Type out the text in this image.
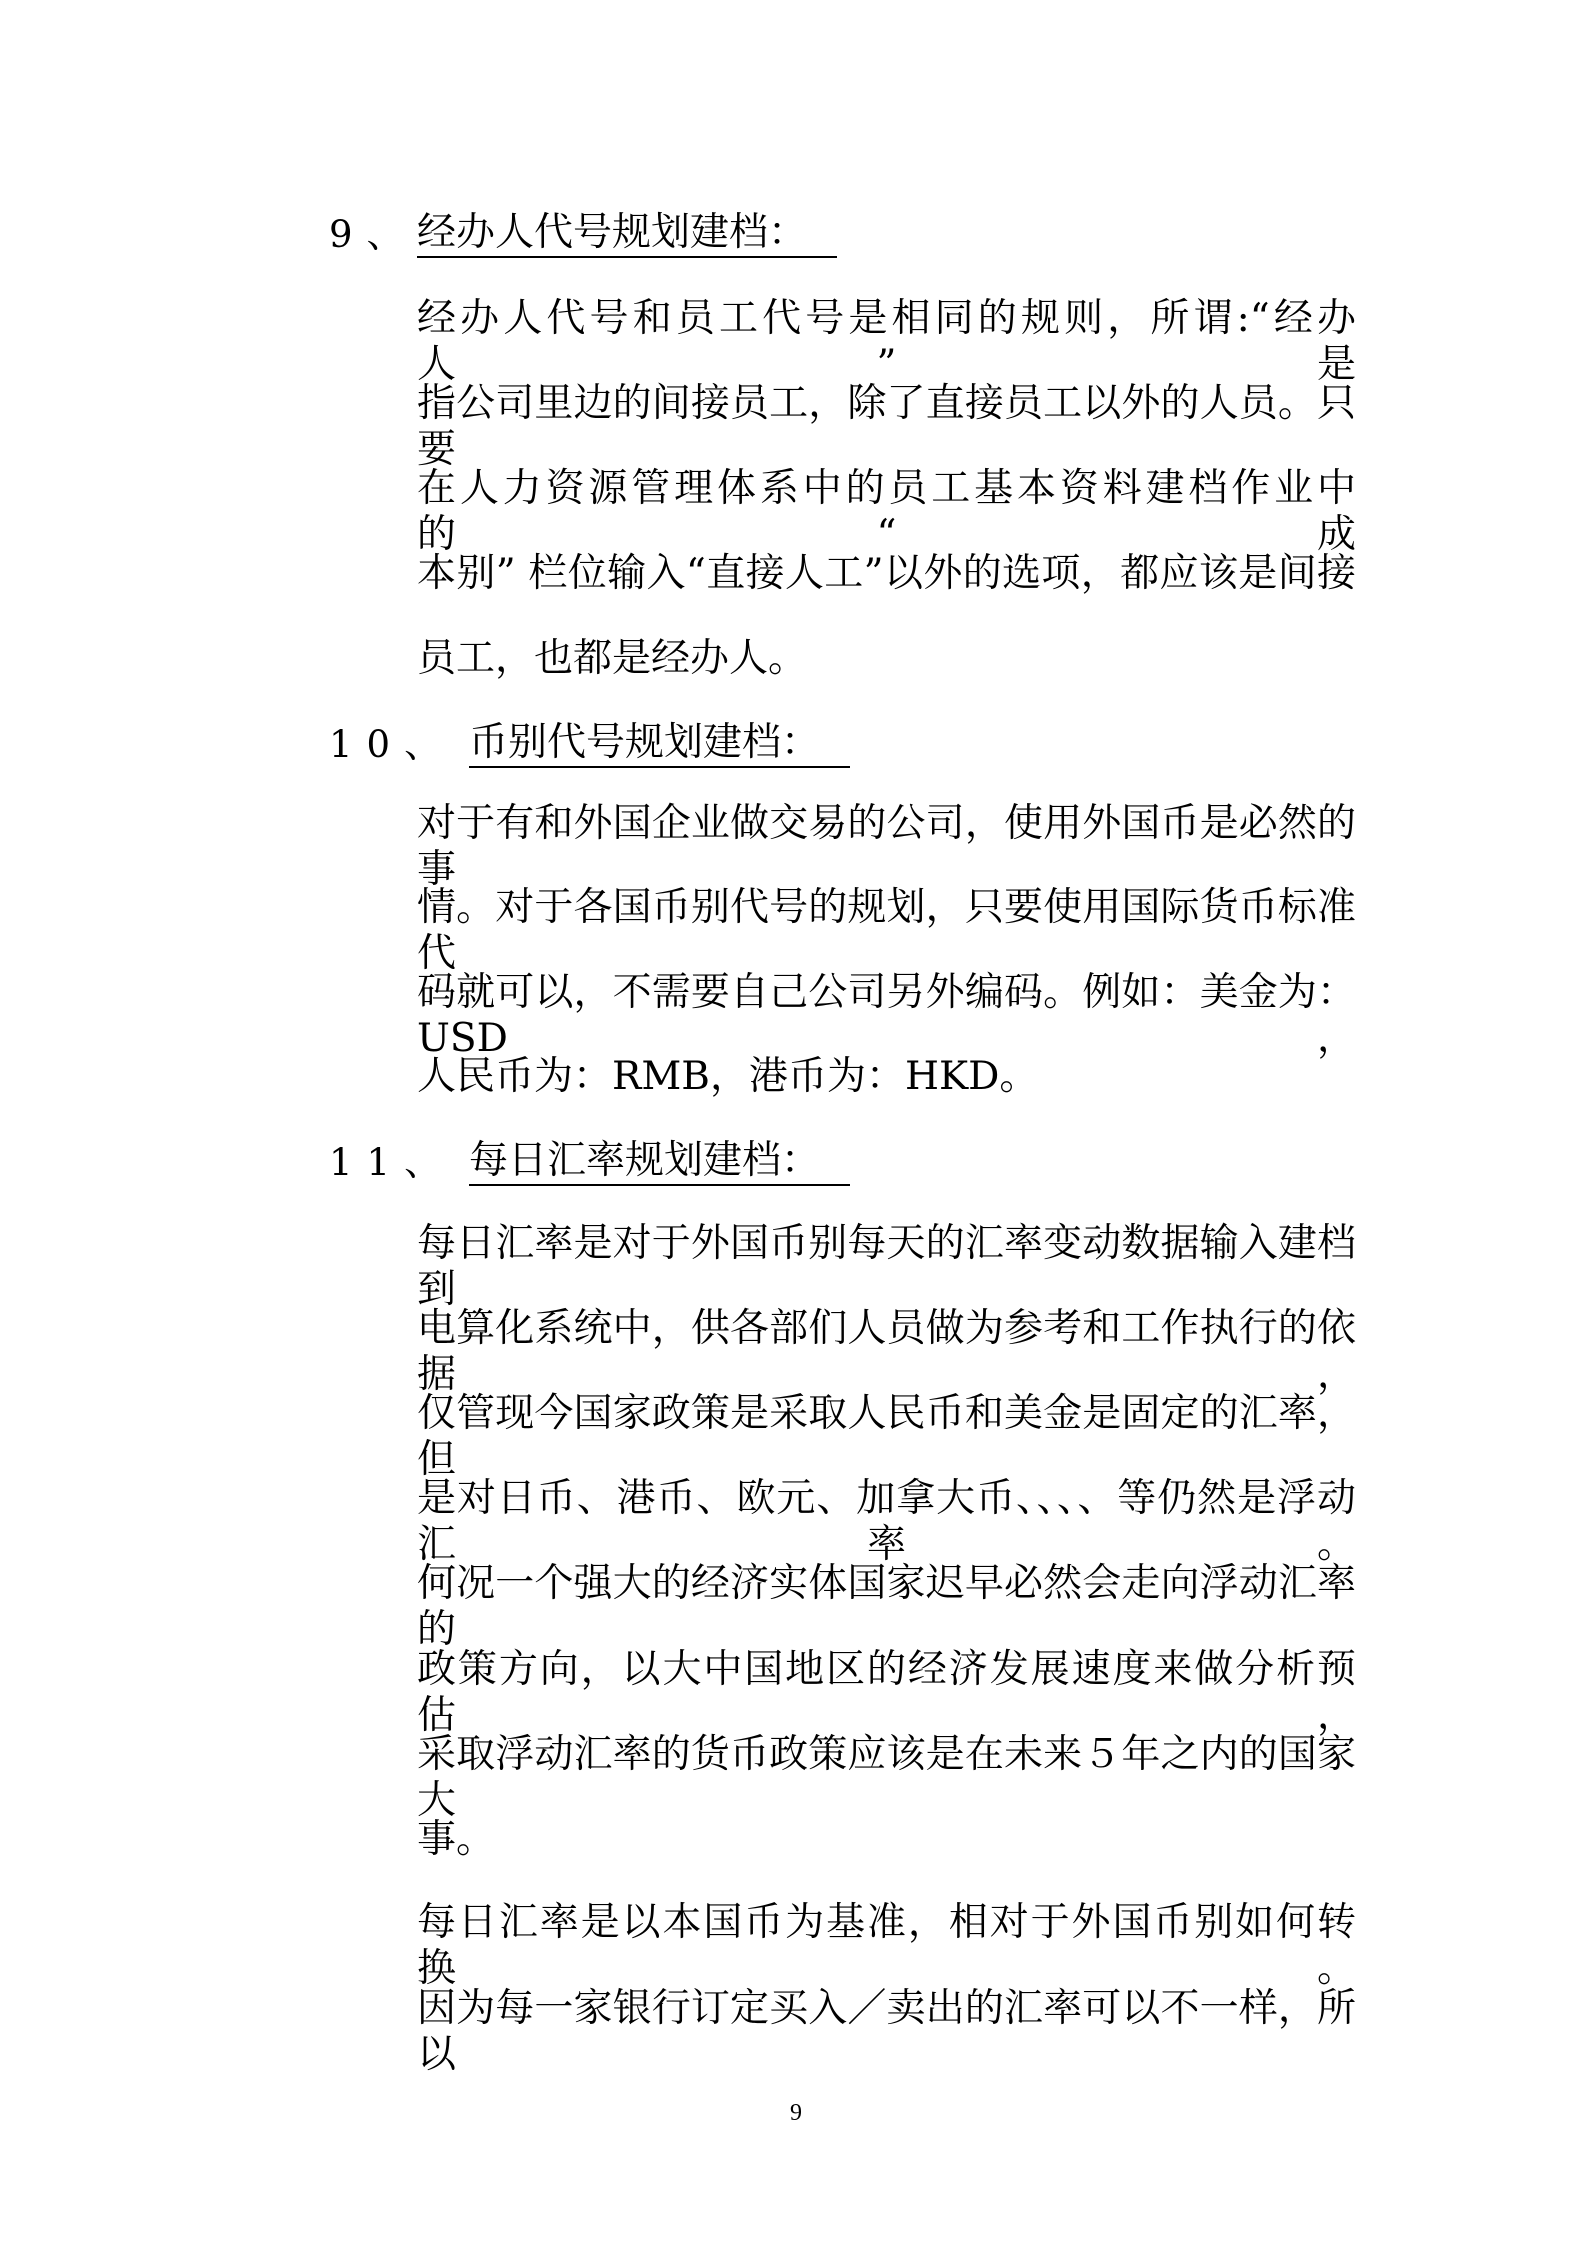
9、 经办人代号规划建档：
经办人代号和员工代号是相同的规则，所谓:“经办人”是
指公司里边的间接员工，除了直接员工以外的人员。只要
在人力资源管理体系中的员工基本资料建档作业中的“成
本别” 栏位输入“直接人工”以外的选项，都应该是间接
员工，也都是经办人。
10、 币别代号规划建档：
对于有和外国企业做交易的公司，使用外国币是必然的事
情。对于各国币别代号的规划，只要使用国际货币标准代
码就可以，不需要自己公司另外编码。例如：美金为：USD，
人民币为：RMB，港币为：HKD。
11、 每日汇率规划建档：
每日汇率是对于外国币别每天的汇率变动数据输入建档到
电算化系统中，供各部们人员做为参考和工作执行的依据，
仅管现今国家政策是采取人民币和美金是固定的汇率，但
是对日币、港币、欧元、加拿大币、、、、等仍然是浮动汇率。
何况一个强大的经济实体国家迟早必然会走向浮动汇率的
政策方向，以大中国地区的经济发展速度来做分析预估，
采取浮动汇率的货币政策应该是在未来５年之内的国家大
事。
每日汇率是以本国币为基准，相对于外国币别如何转换。
因为每一家银行订定买入／卖出的汇率可以不一样，所以
9
